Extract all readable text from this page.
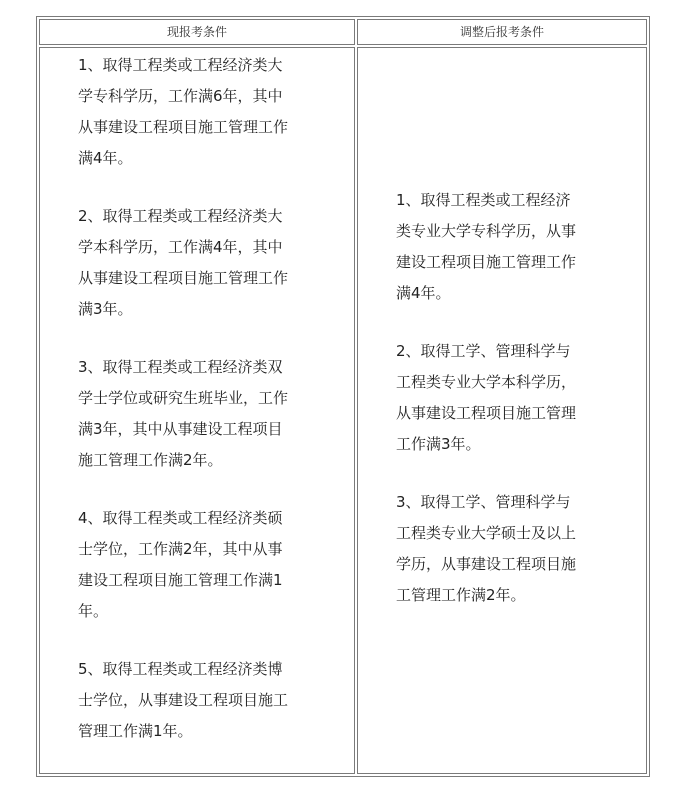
现报考条件	调整后报考条件

1、取得工程类或工程经济类大
学专科学历，工作满6年，其中
从事建设工程项目施工管理工作
满4年。

2、取得工程类或工程经济类大
学本科学历，工作满4年，其中
从事建设工程项目施工管理工作
满3年。

3、取得工程类或工程经济类双
学士学位或研究生班毕业，工作
满3年，其中从事建设工程项目
施工管理工作满2年。

4、取得工程类或工程经济类硕
士学位，工作满2年，其中从事
建设工程项目施工管理工作满1
年。

5、取得工程类或工程经济类博
士学位，从事建设工程项目施工
管理工作满1年。

1、取得工程类或工程经济
类专业大学专科学历，从事
建设工程项目施工管理工作
满4年。

2、取得工学、管理科学与
工程类专业大学本科学历，
从事建设工程项目施工管理
工作满3年。

3、取得工学、管理科学与
工程类专业大学硕士及以上
学历，从事建设工程项目施
工管理工作满2年。
